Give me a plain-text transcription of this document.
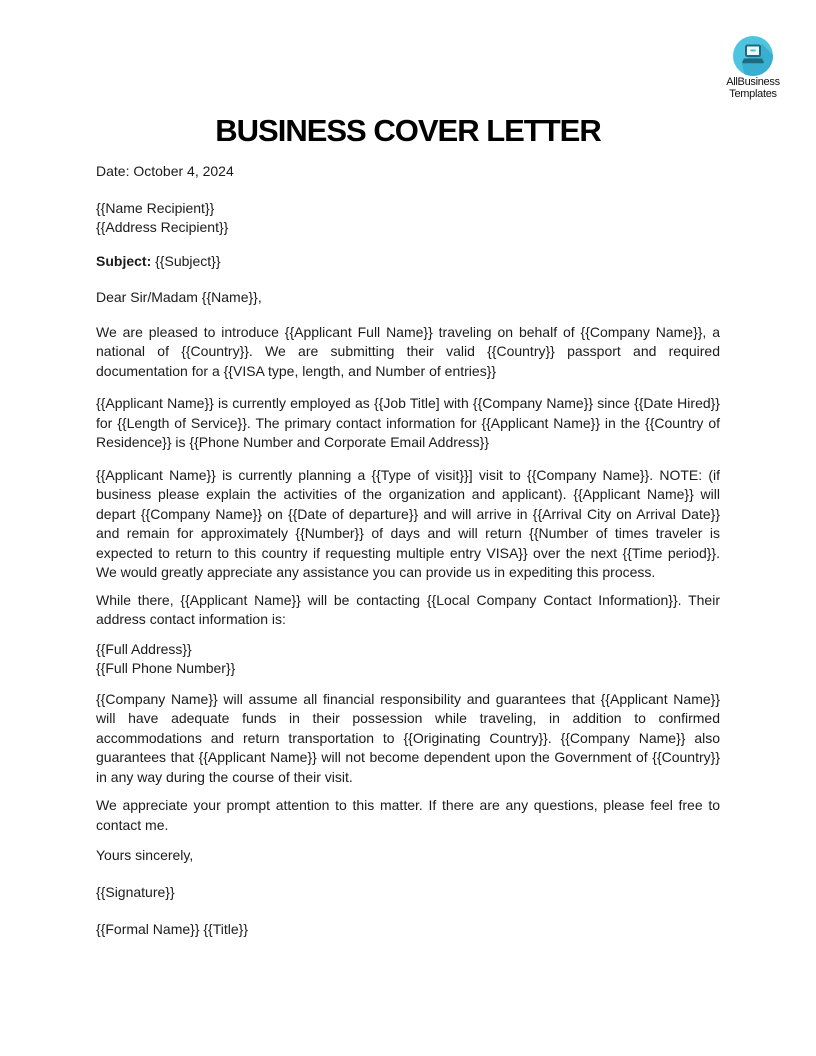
AllBusiness
Templates
BUSINESS COVER LETTER

Date: October 4, 2024

{{Name Recipient}}

{{Address Recipient}}

Subject: {{Subject}}

Dear Sir/Madam {{Name}},

We are pleased to introduce {{Applicant Full Name}} traveling on behalf of {{Company Name}}, a national of {{Country}}. We are submitting their valid {{Country}} passport and required documentation for a {{VISA type, length, and Number of entries}}

{{Applicant Name}} is currently employed as {{Job Title] with {{Company Name}} since {{Date Hired}} for {{Length of Service}}. The primary contact information for {{Applicant Name}} in the {{Country of Residence}} is {{Phone Number and Corporate Email Address}}

{{Applicant Name}} is currently planning a {{Type of visit}}] visit to {{Company Name}}. NOTE: (if business please explain the activities of the organization and applicant). {{Applicant Name}} will depart {{Company Name}} on {{Date of departure}} and will arrive in {{Arrival City on Arrival Date}} and remain for approximately {{Number}} of days and will return {{Number of times traveler is expected to return to this country if requesting multiple entry VISA}} over the next {{Time period}}. We would greatly appreciate any assistance you can provide us in expediting this process.

While there, {{Applicant Name}} will be contacting {{Local Company Contact Information}}. Their address contact information is:

{{Full Address}}

{{Full Phone Number}}

{{Company Name}} will assume all financial responsibility and guarantees that {{Applicant Name}} will have adequate funds in their possession while traveling, in addition to confirmed accommodations and return transportation to {{Originating Country}}. {{Company Name}} also guarantees that {{Applicant Name}} will not become dependent upon the Government of {{Country}} in any way during the course of their visit.

We appreciate your prompt attention to this matter. If there are any questions, please feel free to contact me.

Yours sincerely,

{{Signature}}

{{Formal Name}} {{Title}}
